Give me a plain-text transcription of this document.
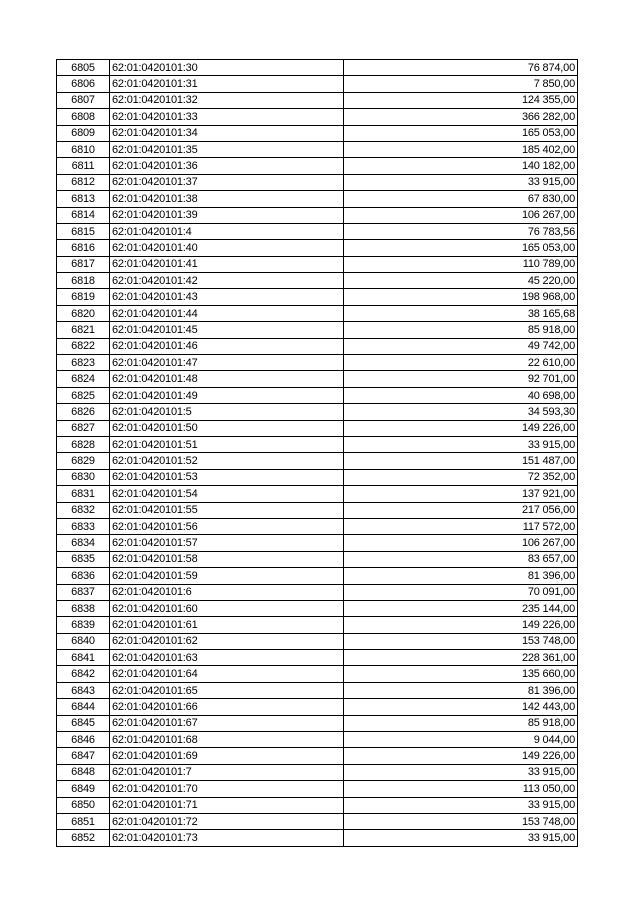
6805	62:01:0420101:30	76 874,00
6806	62:01:0420101:31	7 850,00
6807	62:01:0420101:32	124 355,00
6808	62:01:0420101:33	366 282,00
6809	62:01:0420101:34	165 053,00
6810	62:01:0420101:35	185 402,00
6811	62:01:0420101:36	140 182,00
6812	62:01:0420101:37	33 915,00
6813	62:01:0420101:38	67 830,00
6814	62:01:0420101:39	106 267,00
6815	62:01:0420101:4	76 783,56
6816	62:01:0420101:40	165 053,00
6817	62:01:0420101:41	110 789,00
6818	62:01:0420101:42	45 220,00
6819	62:01:0420101:43	198 968,00
6820	62:01:0420101:44	38 165,68
6821	62:01:0420101:45	85 918,00
6822	62:01:0420101:46	49 742,00
6823	62:01:0420101:47	22 610,00
6824	62:01:0420101:48	92 701,00
6825	62:01:0420101:49	40 698,00
6826	62:01:0420101:5	34 593,30
6827	62:01:0420101:50	149 226,00
6828	62:01:0420101:51	33 915,00
6829	62:01:0420101:52	151 487,00
6830	62:01:0420101:53	72 352,00
6831	62:01:0420101:54	137 921,00
6832	62:01:0420101:55	217 056,00
6833	62:01:0420101:56	117 572,00
6834	62:01:0420101:57	106 267,00
6835	62:01:0420101:58	83 657,00
6836	62:01:0420101:59	81 396,00
6837	62:01:0420101:6	70 091,00
6838	62:01:0420101:60	235 144,00
6839	62:01:0420101:61	149 226,00
6840	62:01:0420101:62	153 748,00
6841	62:01:0420101:63	228 361,00
6842	62:01:0420101:64	135 660,00
6843	62:01:0420101:65	81 396,00
6844	62:01:0420101:66	142 443,00
6845	62:01:0420101:67	85 918,00
6846	62:01:0420101:68	9 044,00
6847	62:01:0420101:69	149 226,00
6848	62:01:0420101:7	33 915,00
6849	62:01:0420101:70	113 050,00
6850	62:01:0420101:71	33 915,00
6851	62:01:0420101:72	153 748,00
6852	62:01:0420101:73	33 915,00
